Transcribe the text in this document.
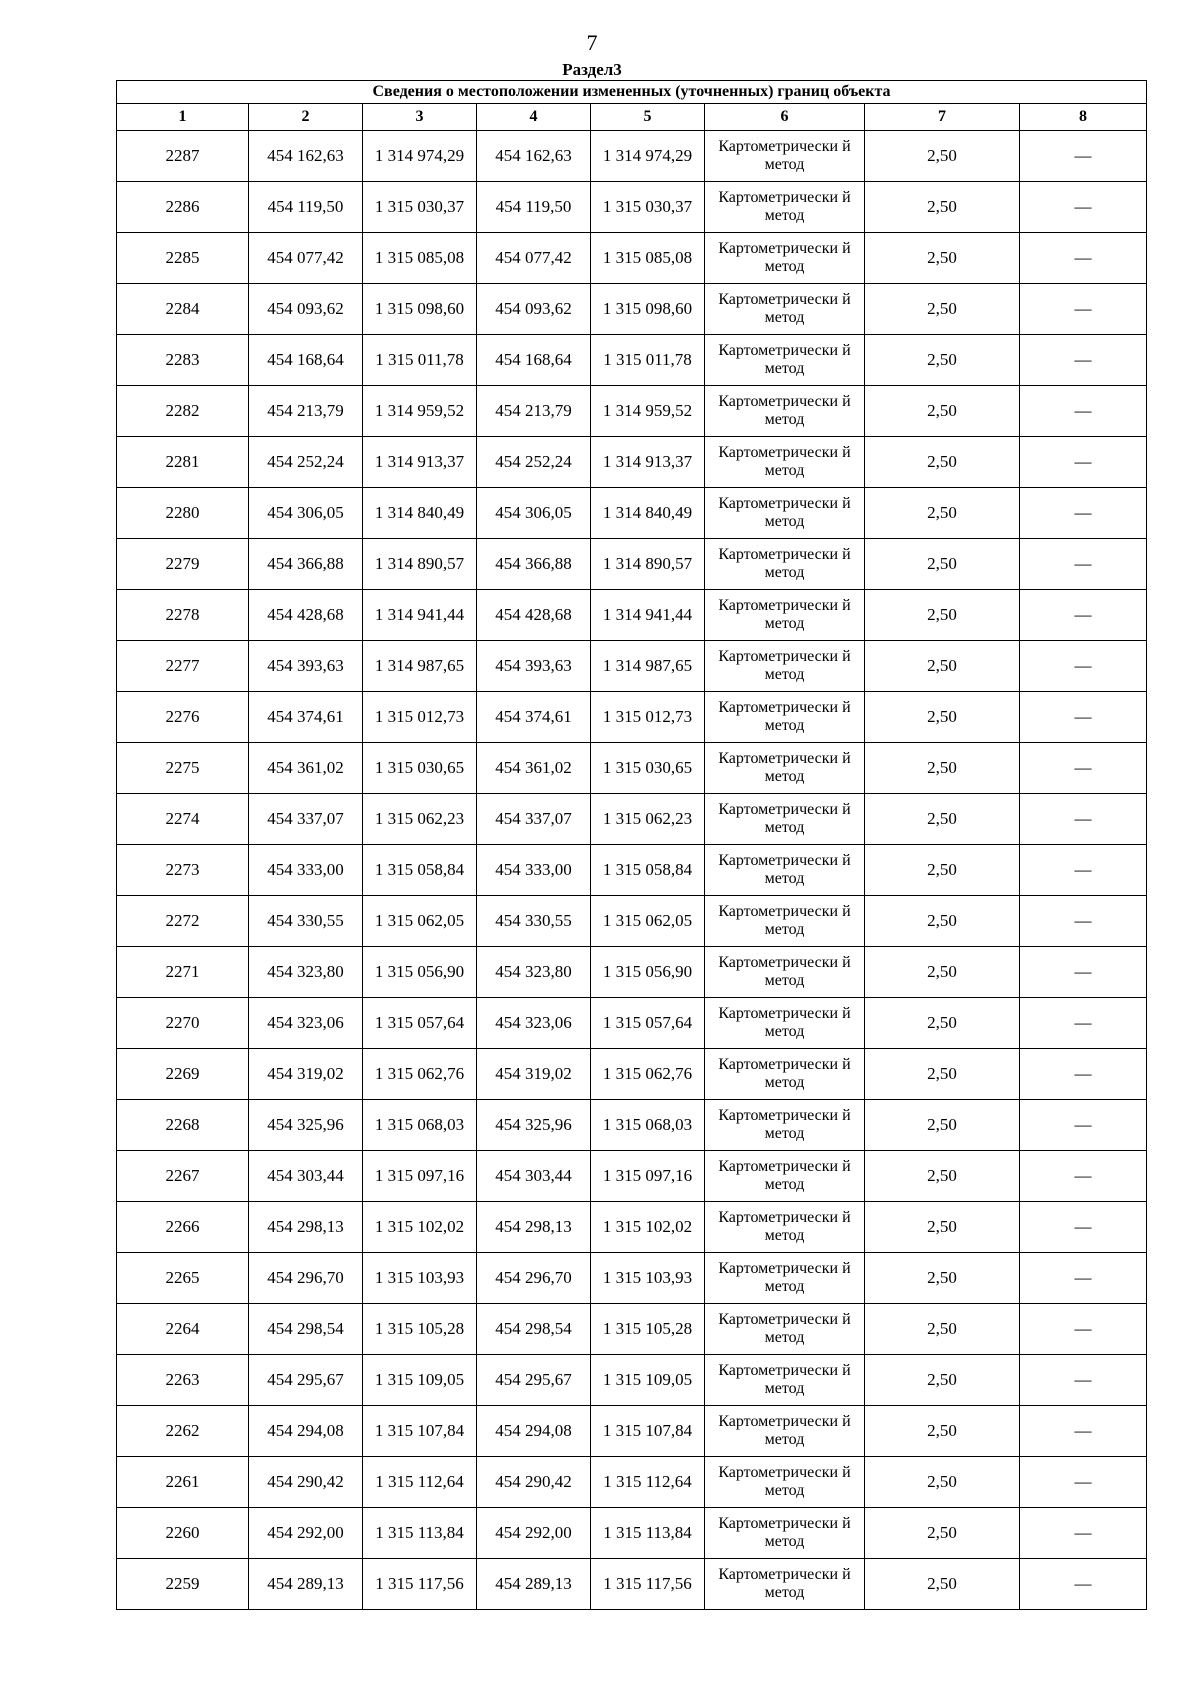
7
Раздел3
Сведения о местоположении измененных (уточненных) границ объекта							
1	2	3	4	5	6	7	8
2287	454 162,63	1 314 974,29	454 162,63	1 314 974,29	Картометрически й метод	2,50	—
2286	454 119,50	1 315 030,37	454 119,50	1 315 030,37	Картометрически й метод	2,50	—
2285	454 077,42	1 315 085,08	454 077,42	1 315 085,08	Картометрически й метод	2,50	—
2284	454 093,62	1 315 098,60	454 093,62	1 315 098,60	Картометрически й метод	2,50	—
2283	454 168,64	1 315 011,78	454 168,64	1 315 011,78	Картометрически й метод	2,50	—
2282	454 213,79	1 314 959,52	454 213,79	1 314 959,52	Картометрически й метод	2,50	—
2281	454 252,24	1 314 913,37	454 252,24	1 314 913,37	Картометрически й метод	2,50	—
2280	454 306,05	1 314 840,49	454 306,05	1 314 840,49	Картометрически й метод	2,50	—
2279	454 366,88	1 314 890,57	454 366,88	1 314 890,57	Картометрически й метод	2,50	—
2278	454 428,68	1 314 941,44	454 428,68	1 314 941,44	Картометрически й метод	2,50	—
2277	454 393,63	1 314 987,65	454 393,63	1 314 987,65	Картометрически й метод	2,50	—
2276	454 374,61	1 315 012,73	454 374,61	1 315 012,73	Картометрически й метод	2,50	—
2275	454 361,02	1 315 030,65	454 361,02	1 315 030,65	Картометрически й метод	2,50	—
2274	454 337,07	1 315 062,23	454 337,07	1 315 062,23	Картометрически й метод	2,50	—
2273	454 333,00	1 315 058,84	454 333,00	1 315 058,84	Картометрически й метод	2,50	—
2272	454 330,55	1 315 062,05	454 330,55	1 315 062,05	Картометрически й метод	2,50	—
2271	454 323,80	1 315 056,90	454 323,80	1 315 056,90	Картометрически й метод	2,50	—
2270	454 323,06	1 315 057,64	454 323,06	1 315 057,64	Картометрически й метод	2,50	—
2269	454 319,02	1 315 062,76	454 319,02	1 315 062,76	Картометрически й метод	2,50	—
2268	454 325,96	1 315 068,03	454 325,96	1 315 068,03	Картометрически й метод	2,50	—
2267	454 303,44	1 315 097,16	454 303,44	1 315 097,16	Картометрически й метод	2,50	—
2266	454 298,13	1 315 102,02	454 298,13	1 315 102,02	Картометрически й метод	2,50	—
2265	454 296,70	1 315 103,93	454 296,70	1 315 103,93	Картометрически й метод	2,50	—
2264	454 298,54	1 315 105,28	454 298,54	1 315 105,28	Картометрически й метод	2,50	—
2263	454 295,67	1 315 109,05	454 295,67	1 315 109,05	Картометрически й метод	2,50	—
2262	454 294,08	1 315 107,84	454 294,08	1 315 107,84	Картометрически й метод	2,50	—
2261	454 290,42	1 315 112,64	454 290,42	1 315 112,64	Картометрически й метод	2,50	—
2260	454 292,00	1 315 113,84	454 292,00	1 315 113,84	Картометрически й метод	2,50	—
2259	454 289,13	1 315 117,56	454 289,13	1 315 117,56	Картометрически й метод	2,50	—
